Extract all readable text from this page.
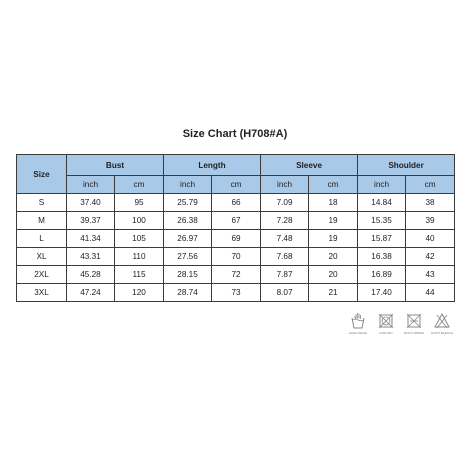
Size Chart (H708#A)
Size	Bust		Length		Sleeve		Shoulder	
	inch	cm	inch	cm	inch	cm	inch	cm
S	37.40	95	25.79	66	7.09	18	14.84	38
M	39.37	100	26.38	67	7.28	19	15.35	39
L	41.34	105	26.97	69	7.48	19	15.87	40
XL	43.31	110	27.56	70	7.68	20	16.38	42
2XL	45.28	115	28.15	72	7.87	20	16.89	43
3XL	47.24	120	28.74	73	8.07	21	17.40	44
HAND WASH	LOW DRY	DON'T WRING	DON'T BLEACH
